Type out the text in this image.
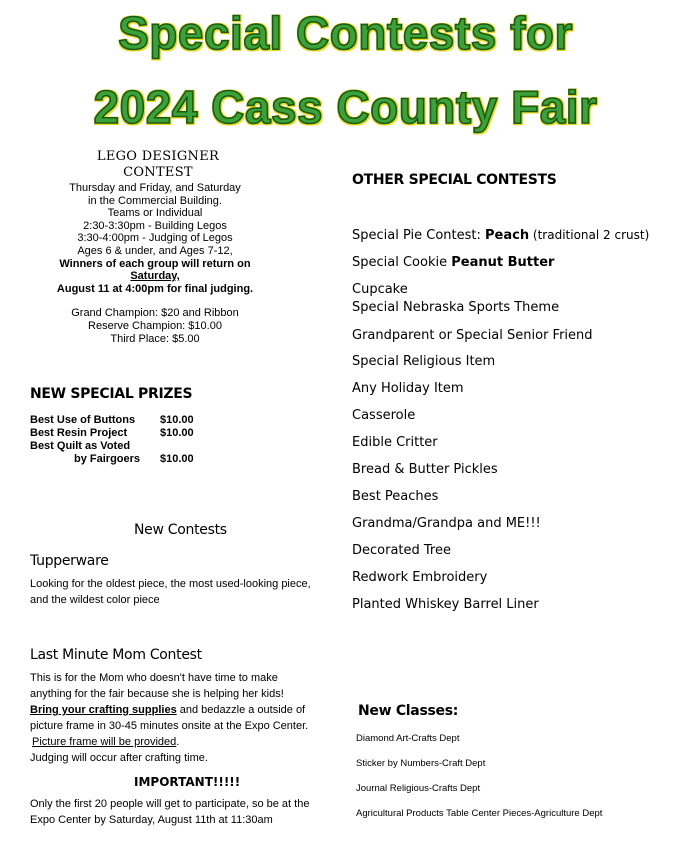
Special Contests for
2024 Cass County Fair
LEGO DESIGNER
CONTEST
Thursday and Friday, and Saturday
in the Commercial Building.
Teams or Individual
2:30-3:30pm - Building Legos
3:30-4:00pm - Judging of Legos
Ages 6 & under, and Ages 7-12,
Winners of each group will return on
Saturday,
August 11 at 4:00pm for final judging.
Grand Champion: $20 and Ribbon
Reserve Champion: $10.00
Third Place: $5.00
NEW SPECIAL PRIZES
Best Use of Buttons	$10.00
Best Resin Project	$10.00
Best Quilt as Voted
by Fairgoers	$10.00
New Contests
Tupperware
Looking for the oldest piece, the most used-looking piece,
and the wildest color piece
Last Minute Mom Contest
This is for the Mom who doesn't have time to make
anything for the fair because she is helping her kids!
Bring your crafting supplies and bedazzle a outside of
picture frame in 30-45 minutes onsite at the Expo Center.
Picture frame will be provided.
Judging will occur after crafting time.
IMPORTANT!!!!!
Only the first 20 people will get to participate, so be at the
Expo Center by Saturday, August 11th at 11:30am
OTHER SPECIAL CONTESTS
Special Pie Contest: Peach (traditional 2 crust)
Special Cookie Peanut Butter
Cupcake
Special Nebraska Sports Theme
Grandparent or Special Senior Friend
Special Religious Item
Any Holiday Item
Casserole
Edible Critter
Bread & Butter Pickles
Best Peaches
Grandma/Grandpa and ME!!!
Decorated Tree
Redwork Embroidery
Planted Whiskey Barrel Liner
New Classes:
Diamond Art-Crafts Dept
Sticker by Numbers-Craft Dept
Journal Religious-Crafts Dept
Agricultural Products Table Center Pieces-Agriculture Dept
